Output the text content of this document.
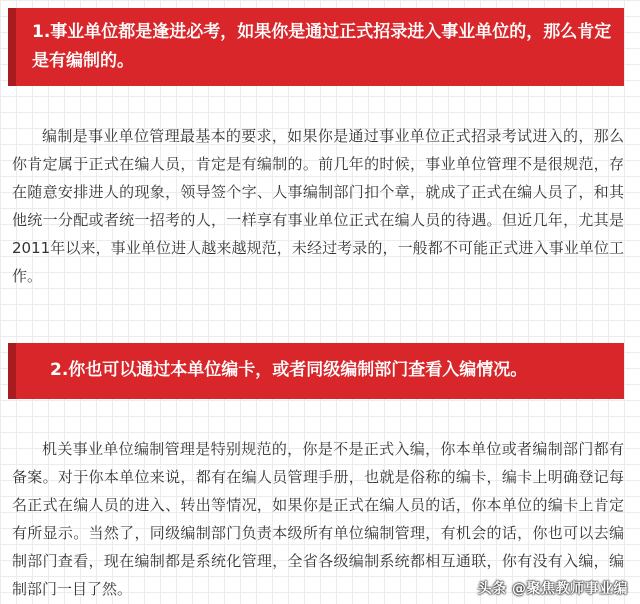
1.事业单位都是逢进必考，如果你是通过正式招录进入事业单位的，那么肯定是有编制的。

编制是事业单位管理最基本的要求，如果你是通过事业单位正式招录考试进入的，那么你肯定属于正式在编人员，肯定是有编制的。前几年的时候，事业单位管理不是很规范，存在随意安排进人的现象，领导签个字、人事编制部门扣个章，就成了正式在编人员了，和其他统一分配或者统一招考的人，一样享有事业单位正式在编人员的待遇。但近几年，尤其是2011年以来，事业单位进人越来越规范，未经过考录的，一般都不可能正式进入事业单位工作。

2.你也可以通过本单位编卡，或者同级编制部门查看入编情况。

机关事业单位编制管理是特别规范的，你是不是正式入编，你本单位或者编制部门都有备案。对于你本单位来说，都有在编人员管理手册，也就是俗称的编卡，编卡上明确登记每名正式在编人员的进入、转出等情况，如果你是正式在编人员的话，你本单位的编卡上肯定有所显示。当然了，同级编制部门负责本级所有单位编制管理，有机会的话，你也可以去编制部门查看，现在编制都是系统化管理，全省各级编制系统都相互通联，你有没有入编，编制部门一目了然。	头条 @聚焦教师事业编
